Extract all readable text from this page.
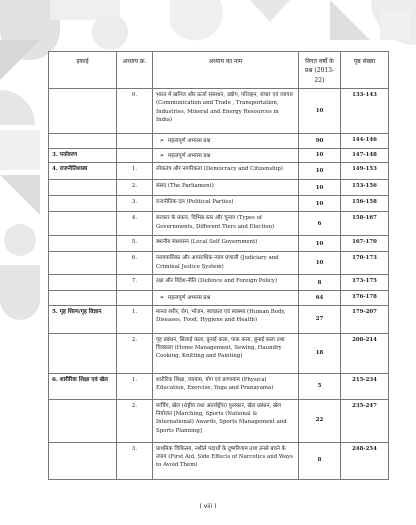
इकाई	अध्याय क्र.	अध्याय का नाम	विगत वर्षों के प्रश्न (2013-22)	पृष्ठ संख्या
	9.	भारत में खनिज और ऊर्जा संसाधन, उद्योग, परिवहन, संचार एवं व्यापार (Communication and Trade , Transportation, Industries, Mineral and Energy Resources in India)	10	133-143
		➢ महत्वपूर्ण अभ्यास प्रश्न	90	144-146
3. पर्यावरण		➢ महत्वपूर्ण अभ्यास प्रश्न	10	147-148
4. राजनीतिशास्त्र	1.	लोकतंत्र और नागरिकता (Democracy and Citizenship)	10	149-153
	2.	संसद (The Parliament)	10	153-156
	3.	राजनीतिक दल (Political Parties)	10	156-158
	4.	सरकार के प्रकार, विभिन्न स्तर और चुनाव (Types of Governments, Different Tiers and Election)	6	158-167
	5.	स्थानीय स्वशासन (Local Self Government)	10	167-170
	6.	न्यायपालिका और आपराधिक न्याय प्रणाली (Judiciary and Criminal Justice System)	10	170-173
	7.	रक्षा और विदेश-नीति (Defence and Foreign Policy)	8	173-175
		➢ महत्वपूर्ण अभ्यास प्रश्न	64	176-178
5. गृह शिल्प/गृह विज्ञान	1.	मानव शरीर, रोग, भोजन, स्वच्छता एवं स्वास्थ्य (Human Body, Diseases, Food, Hygiene and Health)	27	179-207
	2.	गृह प्रबंधन, सिलाई कला, बुनाई कला, पाक कला, बुनाई कला तथा चित्रकला (Home Management, Sewing, Haundry Cooking, Knitting and Painting)	18	208-214
6. शारीरिक शिक्षा एवं खेल	1.	शारीरिक शिक्षा, व्यायाम, योग एवं प्राणायाम (Physical Education, Exercise, Yoga and Pranayama)	5	215-234
	2.	मार्चिंग, खेल (राष्ट्रीय तथा अंतर्राष्ट्रीय) पुरस्कार, खेल प्रबंधन, खेल नियोजन [Marching, Sports (National & International) Awards, Sports Management and Sports Planning]	22	235-247
	3.	प्राथमिक चिकित्सा, नशीले पदार्थों के दुष्परिणाम तथा उनसे बचने के उपाय (First Aid, Side Effects of Narcotics and Ways to Avoid Them)	8	248-254
( viii )
